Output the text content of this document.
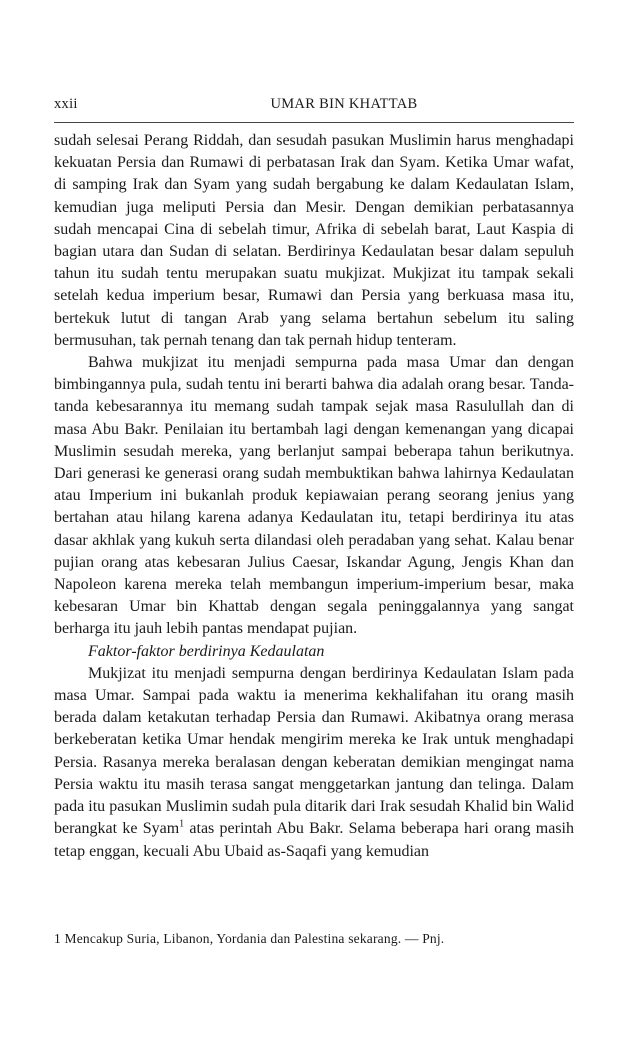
xxii	UMAR BIN KHATTAB

sudah selesai Perang Riddah, dan sesudah pasukan Muslimin harus menghadapi kekuatan Persia dan Rumawi di perbatasan Irak dan Syam. Ketika Umar wafat, di samping Irak dan Syam yang sudah bergabung ke dalam Kedaulatan Islam, kemudian juga meliputi Persia dan Mesir. Dengan demikian perbatasannya sudah mencapai Cina di sebelah timur, Afrika di sebelah barat, Laut Kaspia di bagian utara dan Sudan di selatan. Berdirinya Kedaulatan besar dalam sepuluh tahun itu sudah tentu merupakan suatu mukjizat. Mukjizat itu tampak sekali setelah kedua imperium besar, Rumawi dan Persia yang berkuasa masa itu, bertekuk lutut di tangan Arab yang selama bertahun sebelum itu saling bermusuhan, tak pernah tenang dan tak pernah hidup tenteram.

Bahwa mukjizat itu menjadi sempurna pada masa Umar dan dengan bimbingannya pula, sudah tentu ini berarti bahwa dia adalah orang besar. Tanda-tanda kebesarannya itu memang sudah tampak sejak masa Rasulullah dan di masa Abu Bakr. Penilaian itu bertambah lagi dengan kemenangan yang dicapai Muslimin sesudah mereka, yang berlanjut sampai beberapa tahun berikutnya. Dari generasi ke generasi orang sudah membuktikan bahwa lahirnya Kedaulatan atau Imperium ini bukanlah produk kepiawaian perang seorang jenius yang bertahan atau hilang karena adanya Kedaulatan itu, tetapi berdirinya itu atas dasar akhlak yang kukuh serta dilandasi oleh peradaban yang sehat. Kalau benar pujian orang atas kebesaran Julius Caesar, Iskandar Agung, Jengis Khan dan Napoleon karena mereka telah membangun imperium-imperium besar, maka kebesaran Umar bin Khattab dengan segala peninggalannya yang sangat berharga itu jauh lebih pantas mendapat pujian.

Faktor-faktor berdirinya Kedaulatan

Mukjizat itu menjadi sempurna dengan berdirinya Kedaulatan Islam pada masa Umar. Sampai pada waktu ia menerima kekhalifahan itu orang masih berada dalam ketakutan terhadap Persia dan Rumawi. Akibatnya orang merasa berkeberatan ketika Umar hendak mengirim mereka ke Irak untuk menghadapi Persia. Rasanya mereka beralasan dengan keberatan demikian mengingat nama Persia waktu itu masih terasa sangat menggetarkan jantung dan telinga. Dalam pada itu pasukan Muslimin sudah pula ditarik dari Irak sesudah Khalid bin Walid berangkat ke Syam$^1$ atas perintah Abu Bakr. Selama beberapa hari orang masih tetap enggan, kecuali Abu Ubaid as-Saqafi yang kemudian

1 Mencakup Suria, Libanon, Yordania dan Palestina sekarang. — Pnj.
